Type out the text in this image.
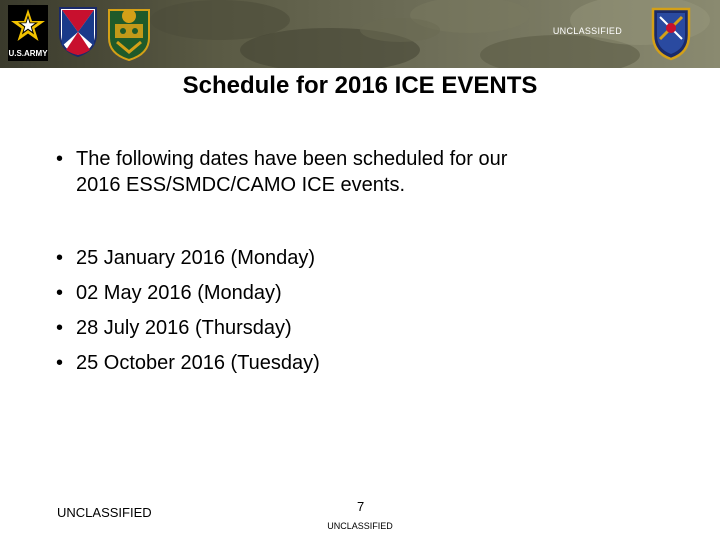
U.S.ARMY
UNCLASSIFIED
Schedule for 2016 ICE EVENTS
• The following dates have been scheduled for our
2016 ESS/SMDC/CAMO ICE events.
• 25 January 2016 (Monday)
• 02 May 2016 (Monday)
• 28 July 2016 (Thursday)
• 25 October 2016 (Tuesday)
UNCLASSIFIED	7
UNCLASSIFIED
